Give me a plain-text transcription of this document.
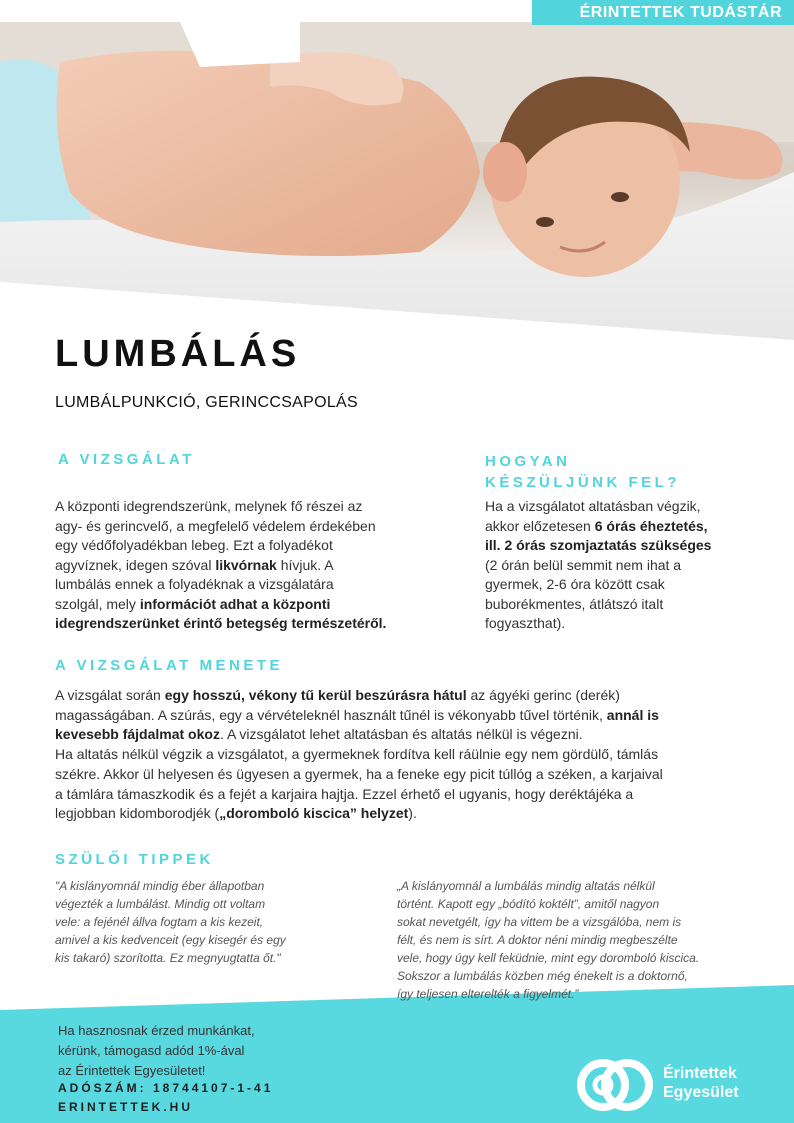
ÉRINTETTEK TUDÁSTÁR
LUMBÁLÁS
LUMBÁLPUNKCIÓ, GERINCCSAPOLÁS
A VIZSGÁLAT
A központi idegrendszerünk, melynek fő részei az
agy- és gerincvelő, a megfelelő védelem érdekében
egy védőfolyadékban lebeg. Ezt a folyadékot
agyvíznek, idegen szóval likvórnak hívjuk. A
lumbálás ennek a folyadéknak a vizsgálatára
szolgál, mely információt adhat a központi
idegrendszerünket érintő betegség természetéről.
HOGYAN
KÉSZÜLJÜNK FEL?
Ha a vizsgálatot altatásban végzik,
akkor előzetesen 6 órás éheztetés,
ill. 2 órás szomjaztatás szükséges
(2 órán belül semmit nem ihat a
gyermek, 2-6 óra között csak
buborékmentes, átlátszó italt
fogyaszthat).
A VIZSGÁLAT MENETE
A vizsgálat során egy hosszú, vékony tű kerül beszúrásra hátul az ágyéki gerinc (derék)
magasságában. A szúrás, egy a vérvételeknél használt tűnél is vékonyabb tűvel történik, annál is
kevesebb fájdalmat okoz. A vizsgálatot lehet altatásban és altatás nélkül is végezni.
Ha altatás nélkül végzik a vizsgálatot, a gyermeknek fordítva kell ráülnie egy nem gördülő, támlás
székre. Akkor ül helyesen és ügyesen a gyermek, ha a feneke egy picit túllóg a széken, a karjaival
a támlára támaszkodik és a fejét a karjaira hajtja. Ezzel érhető el ugyanis, hogy deréktájéka a
legjobban kidomborodjék („doromboló kiscica” helyzet).
SZÜLŐI TIPPEK
"A kislányomnál mindig éber állapotban
végezték a lumbálást. Mindig ott voltam
vele: a fejénél állva fogtam a kis kezeit,
amivel a kis kedvenceit (egy kisegér és egy
kis takaró) szorította. Ez megnyugtatta őt."
„A kislányomnál a lumbálás mindig altatás nélkül
történt. Kapott egy „bódító koktélt”, amitől nagyon
sokat nevetgélt, így ha vittem be a vizsgálóba, nem is
félt, és nem is sírt. A doktor néni mindig megbeszélte
vele, hogy úgy kell feküdnie, mint egy doromboló kiscica.
Sokszor a lumbálás közben még énekelt is a doktornő,
így teljesen elterelték a figyelmét.”
Ha hasznosnak érzed munkánkat,
kérünk, támogasd adód 1%-ával
az Érintettek Egyesületet!
ADÓSZÁM: 18744107-1-41
ERINTETTEK.HU
Érintettek
Egyesület
